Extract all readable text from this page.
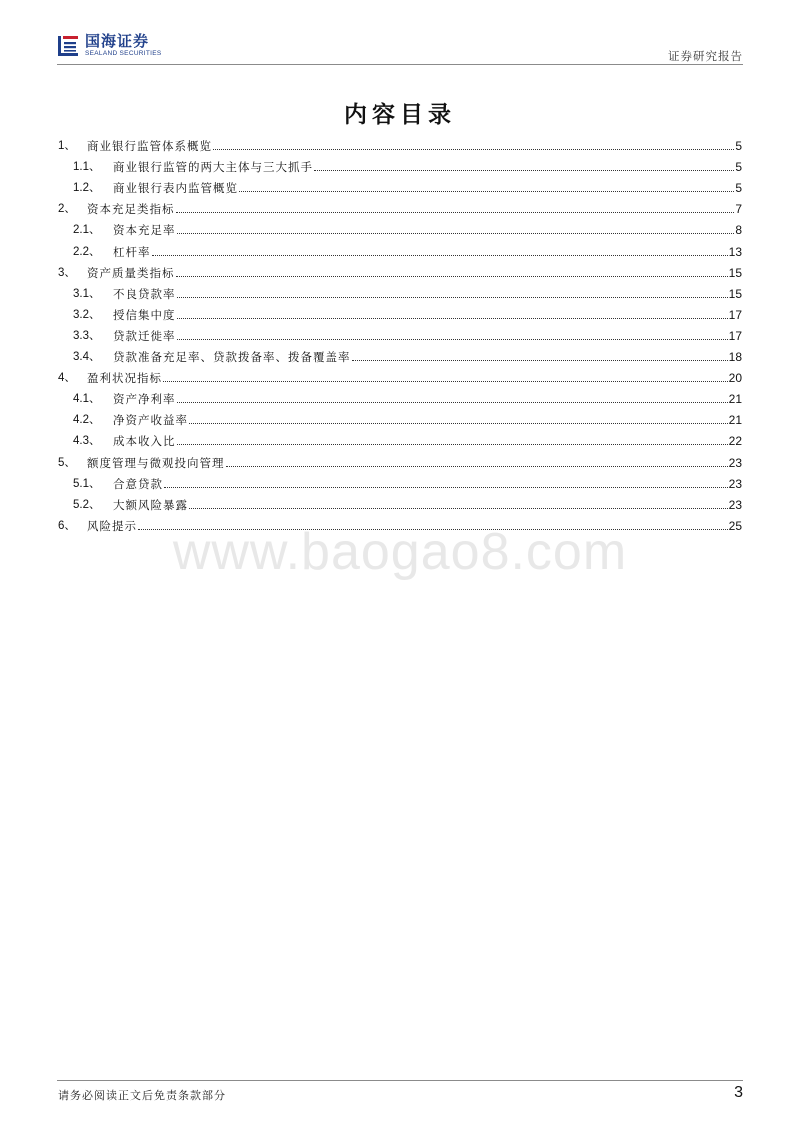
国海证券
SEALAND SECURITIES	证券研究报告
内容目录
1、 商业银行监管体系概览	5
1.1、	商业银行监管的两大主体与三大抓手	5
1.2、	商业银行表内监管概览	5
2、 资本充足类指标	7
2.1、	资本充足率	8
2.2、	杠杆率	13
3、 资产质量类指标	15
3.1、	不良贷款率	15
3.2、	授信集中度	17
3.3、	贷款迁徙率	17
3.4、	贷款准备充足率、贷款拨备率、拨备覆盖率	18
4、 盈利状况指标	20
4.1、	资产净利率	21
4.2、	净资产收益率	21
4.3、	成本收入比	22
5、 额度管理与微观投向管理	23
5.1、	合意贷款	23
5.2、	大额风险暴露	23
6、 风险提示	25
www.baogao8.com
请务必阅读正文后免责条款部分	3
